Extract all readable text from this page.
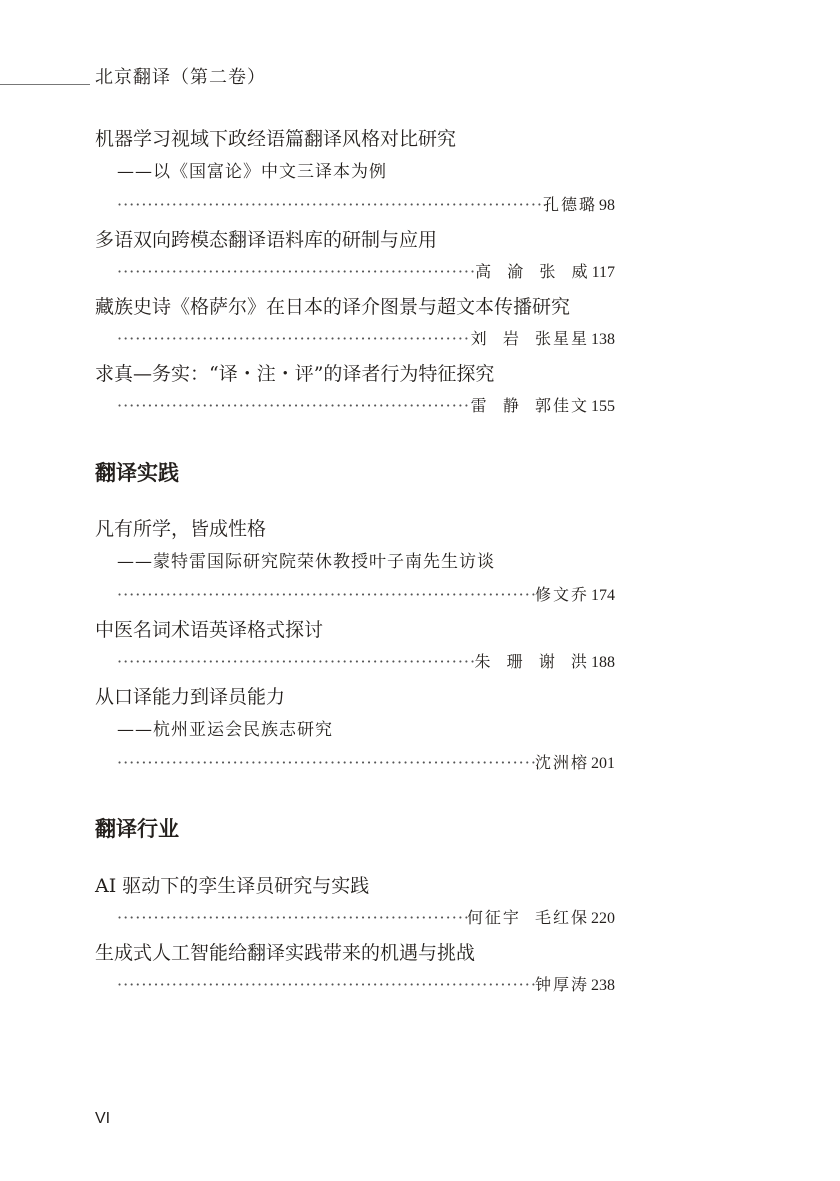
北京翻译（第二卷）
机器学习视域下政经语篇翻译风格对比研究
——以《国富论》中文三译本为例
·····
孔德璐 98
多语双向跨模态翻译语料库的研制与应用
·····
高  渝  张  威 117
藏族史诗《格萨尔》在日本的译介图景与超文本传播研究
·····
刘  岩  张星星 138
求真—务实：“译・注・评”的译者行为特征探究
·····
雷  静  郭佳文 155
翻译实践
凡有所学，皆成性格
——蒙特雷国际研究院荣休教授叶子南先生访谈
·····
修文乔 174
中医名词术语英译格式探讨
·····
朱  珊  谢  洪 188
从口译能力到译员能力
——杭州亚运会民族志研究
·····
沈洲榕 201
翻译行业
AI 驱动下的孪生译员研究与实践
·····
何征宇  毛红保 220
生成式人工智能给翻译实践带来的机遇与挑战
·····
钟厚涛 238
VI
